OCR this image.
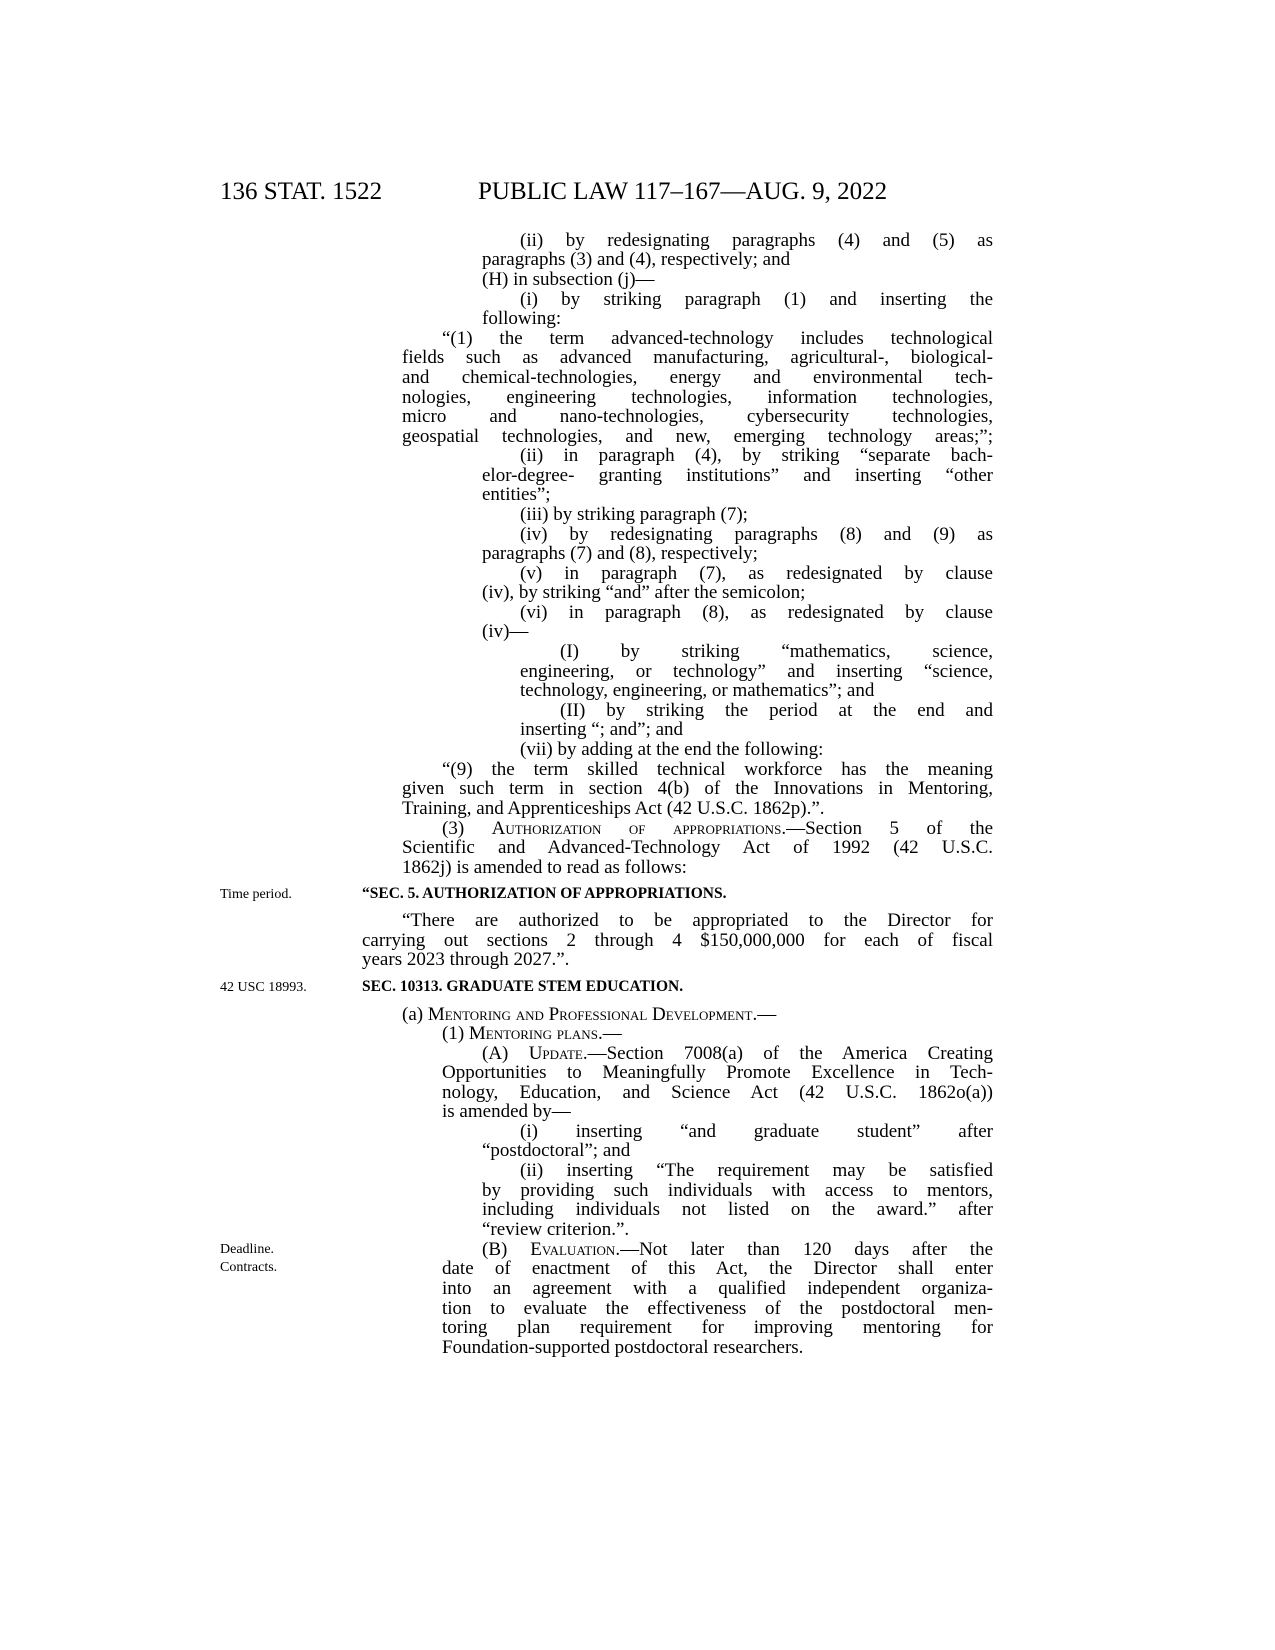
136 STAT. 1522	PUBLIC LAW 117–167—AUG. 9, 2022
Time period.
42 USC 18993.
Deadline.
Contracts.
“SEC. 5. AUTHORIZATION OF APPROPRIATIONS.
SEC. 10313. GRADUATE STEM EDUCATION.
(ii) by redesignating paragraphs (4) and (5) as
paragraphs (3) and (4), respectively; and
(H) in subsection (j)—
(i) by striking paragraph (1) and inserting the
following:
“(1) the term advanced-technology includes technological
fields such as advanced manufacturing, agricultural-, biological-
and chemical-technologies, energy and environmental tech-
nologies, engineering technologies, information technologies,
micro and nano-technologies, cybersecurity technologies,
geospatial technologies, and new, emerging technology areas;”;
(ii) in paragraph (4), by striking “separate bach-
elor-degree- granting institutions” and inserting “other
entities”;
(iii) by striking paragraph (7);
(iv) by redesignating paragraphs (8) and (9) as
paragraphs (7) and (8), respectively;
(v) in paragraph (7), as redesignated by clause
(iv), by striking “and” after the semicolon;
(vi) in paragraph (8), as redesignated by clause
(iv)—
(I) by striking “mathematics, science,
engineering, or technology” and inserting “science,
technology, engineering, or mathematics”; and
(II) by striking the period at the end and
inserting “; and”; and
(vii) by adding at the end the following:
“(9) the term skilled technical workforce has the meaning
given such term in section 4(b) of the Innovations in Mentoring,
Training, and Apprenticeships Act (42 U.S.C. 1862p).”.
(3) Authorization of appropriations.—Section 5 of the
Scientific and Advanced-Technology Act of 1992 (42 U.S.C.
1862j) is amended to read as follows:
“There are authorized to be appropriated to the Director for
carrying out sections 2 through 4 $150,000,000 for each of fiscal
years 2023 through 2027.”.
(a) Mentoring and Professional Development.—
(1) Mentoring plans.—
(A) Update.—Section 7008(a) of the America Creating
Opportunities to Meaningfully Promote Excellence in Tech-
nology, Education, and Science Act (42 U.S.C. 1862o(a))
is amended by—
(i) inserting “and graduate student” after
“postdoctoral”; and
(ii) inserting “The requirement may be satisfied
by providing such individuals with access to mentors,
including individuals not listed on the award.” after
“review criterion.”.
(B) Evaluation.—Not later than 120 days after the
date of enactment of this Act, the Director shall enter
into an agreement with a qualified independent organiza-
tion to evaluate the effectiveness of the postdoctoral men-
toring plan requirement for improving mentoring for
Foundation-supported postdoctoral researchers.
